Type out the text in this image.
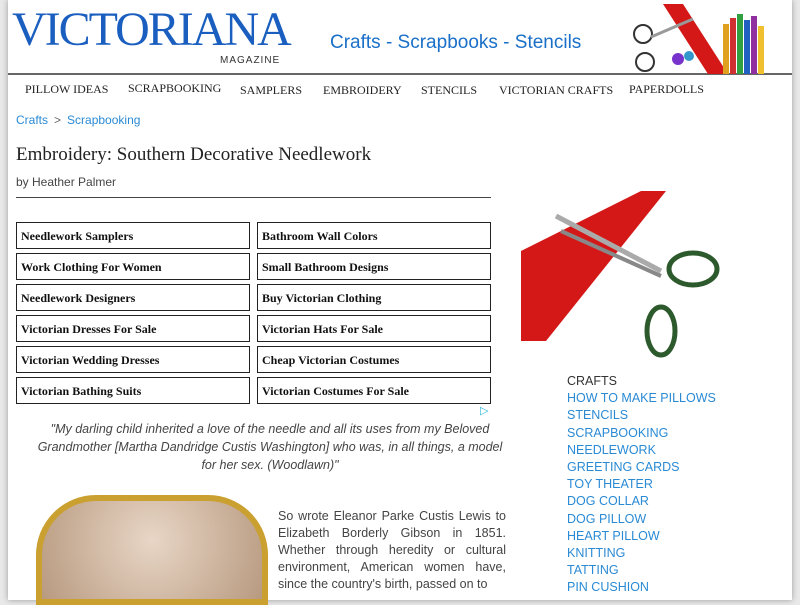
VICTORIANA
MAGAZINE
Crafts - Scrapbooks - Stencils
PILLOW IDEAS SCRAPBOOKING SAMPLERS EMBROIDERY STENCILS VICTORIAN CRAFTS PAPERDOLLS
Crafts > Scrapbooking
Embroidery: Southern Decorative Needlework
by Heather Palmer
Needlework Samplers	Bathroom Wall Colors
Work Clothing For Women	Small Bathroom Designs
Needlework Designers	Buy Victorian Clothing
Victorian Dresses For Sale	Victorian Hats For Sale
Victorian Wedding Dresses	Cheap Victorian Costumes
Victorian Bathing Suits	Victorian Costumes For Sale
▷
"My darling child inherited a love of the needle and all its uses from my Beloved Grandmother [Martha Dandridge Custis Washington] who was, in all things, a model for her sex. (Woodlawn)"
So wrote Eleanor Parke Custis Lewis to Elizabeth Borderly Gibson in 1851. Whether through heredity or cultural environment, American women have, since the country's birth, passed on to
CRAFTS
HOW TO MAKE PILLOWS
STENCILS
SCRAPBOOKING
NEEDLEWORK
GREETING CARDS
TOY THEATER
DOG COLLAR
DOG PILLOW
HEART PILLOW
KNITTING
TATTING
PIN CUSHION
